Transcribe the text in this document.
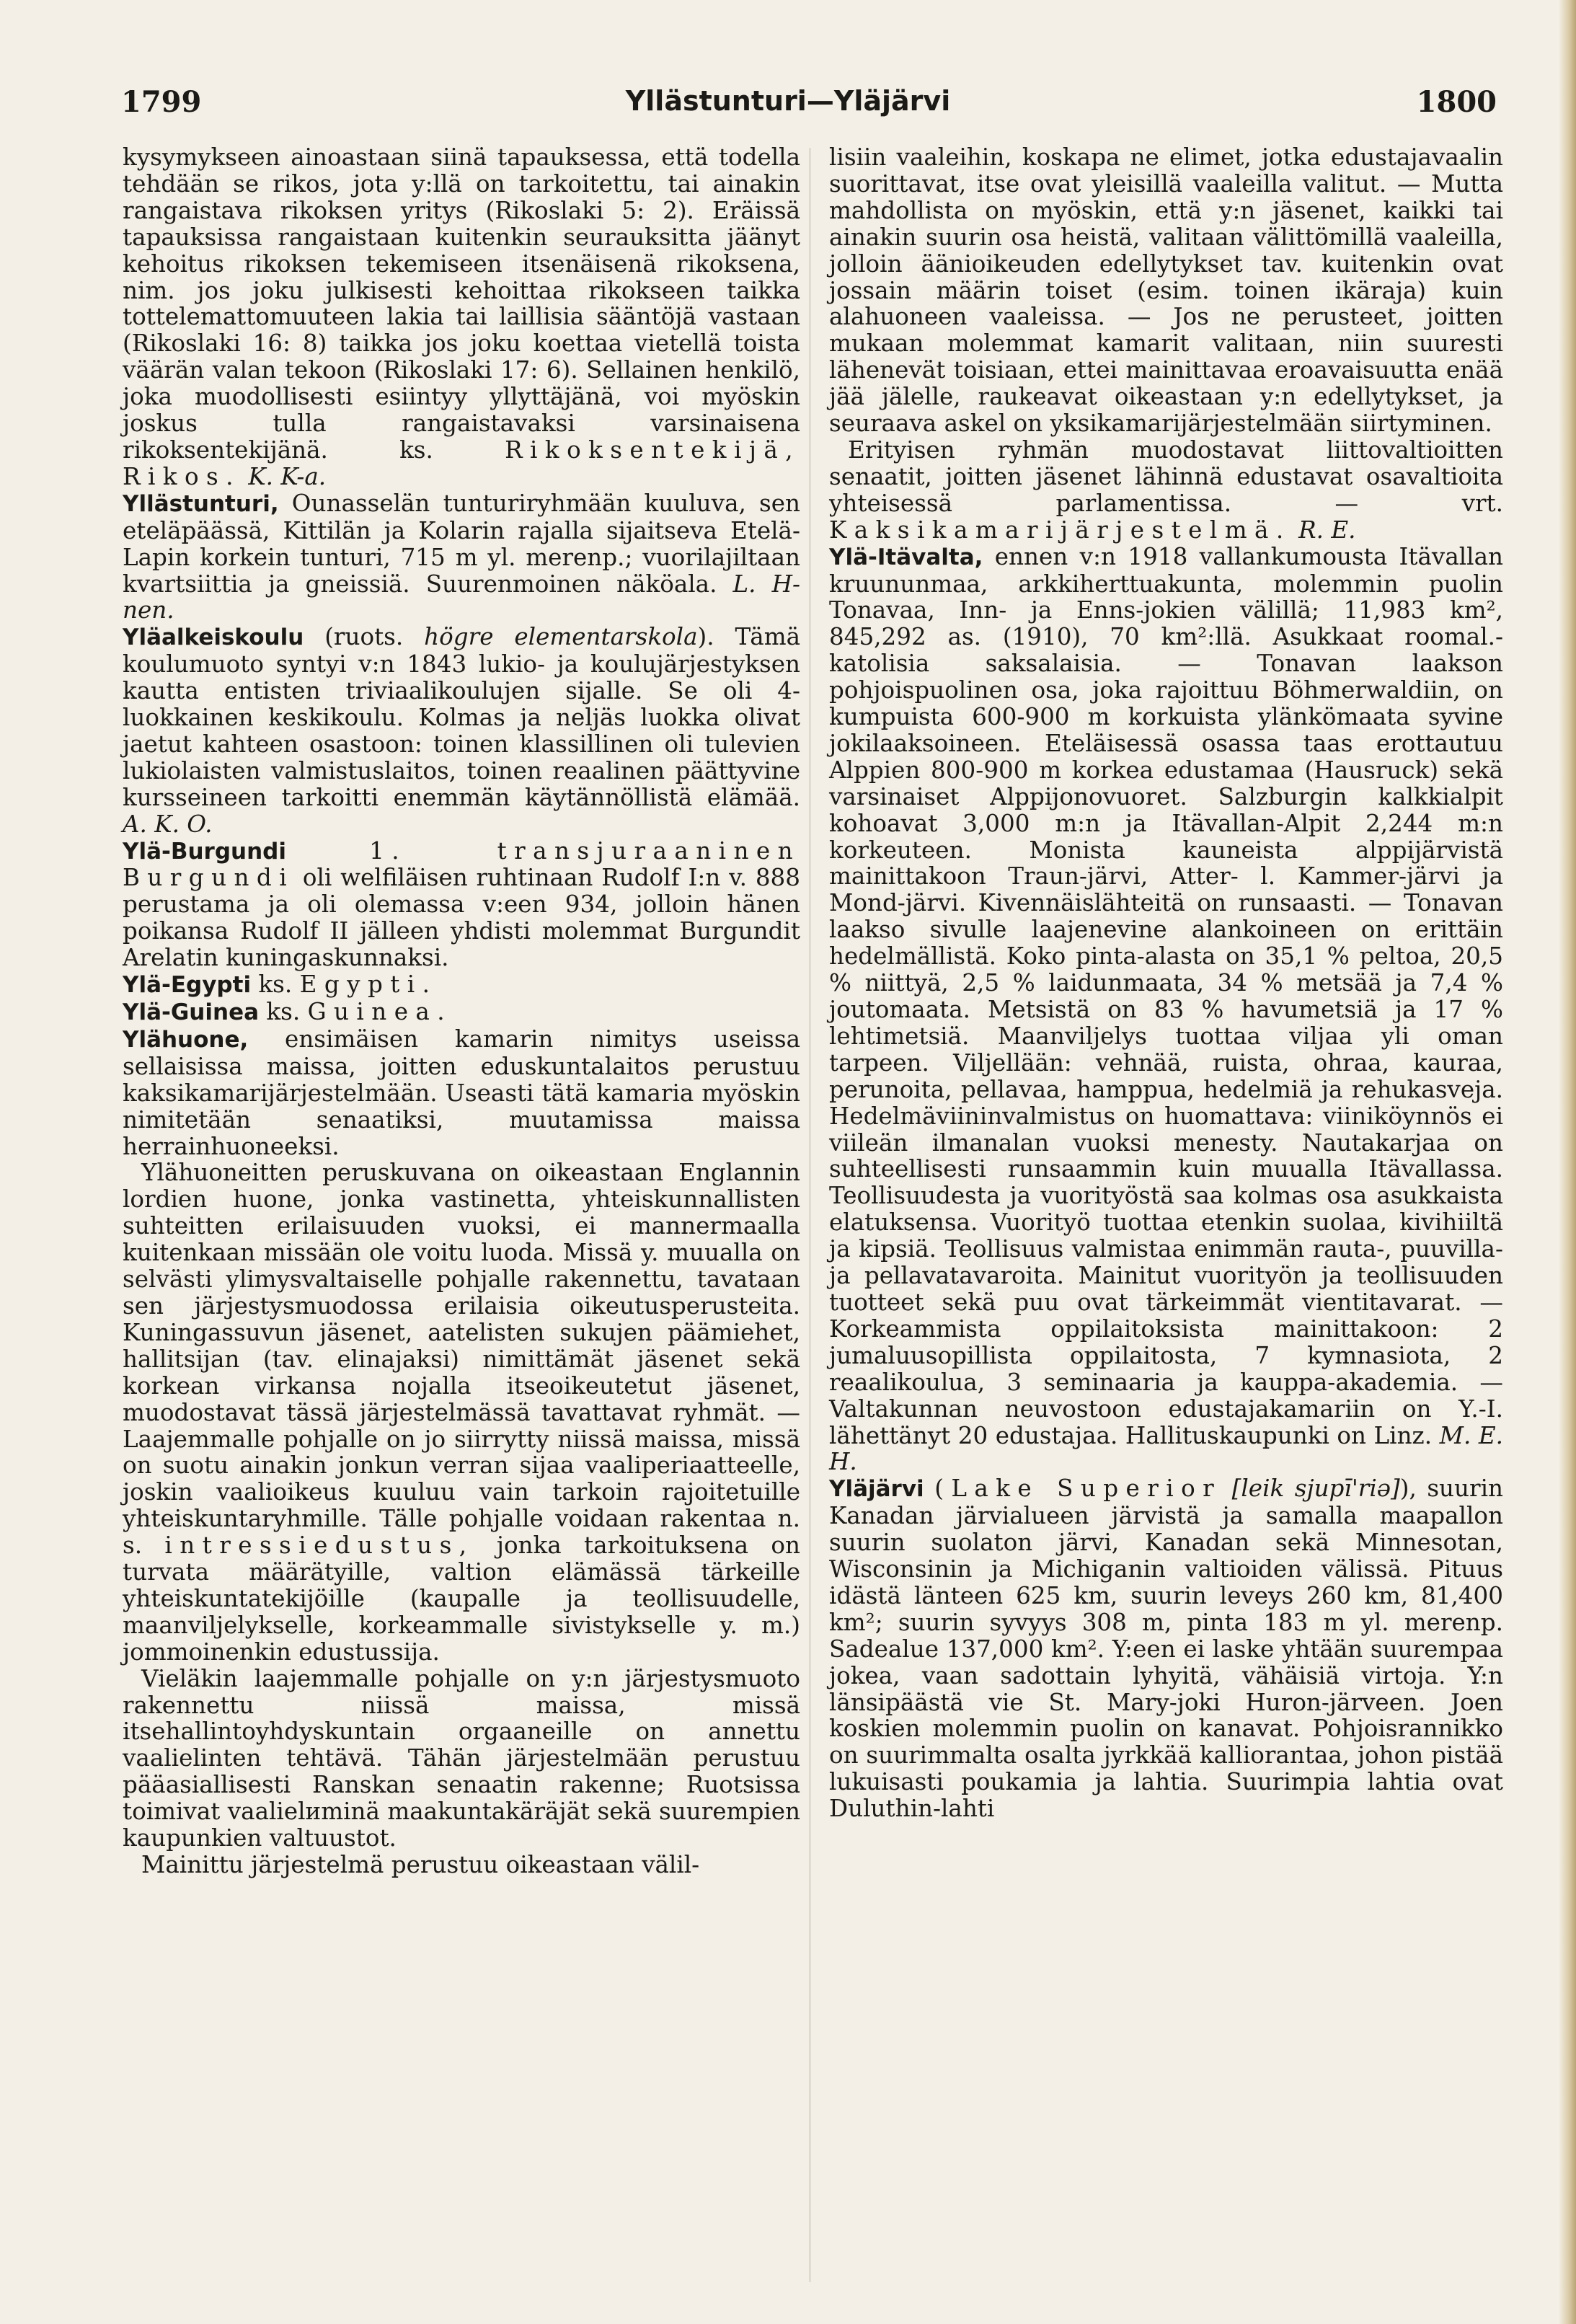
1799	Yllästunturi—Yläjärvi	1800

kysymykseen ainoastaan siinä tapauksessa, että todella tehdään se rikos, jota y:llä on tarkoitettu, tai ainakin rangaistava rikoksen yritys (Rikoslaki 5: 2). Eräissä tapauksissa rangaistaan kuitenkin seurauksitta jäänyt kehoitus rikoksen tekemiseen itsenäisenä rikoksena, nim. jos joku julkisesti kehoittaa rikokseen taikka tottelemattomuuteen lakia tai laillisia sääntöjä vastaan (Rikoslaki 16: 8) taikka jos joku koettaa vietellä toista väärän valan tekoon (Rikoslaki 17: 6). Sellainen henkilö, joka muodollisesti esiintyy yllyttäjänä, voi myöskin joskus tulla rangaistavaksi varsinaisena rikoksentekijänä. ks.	Rikoksentekijä, Rikos. K. K-a.

Yllästunturi, Ounasselän tunturiryhmään kuuluva, sen eteläpäässä, Kittilän ja Kolarin rajalla sijaitseva Etelä-Lapin korkein tunturi, 715 m yl. merenp.; vuorilajiltaan kvartsiittia ja gneissiä. Suurenmoinen näköala. L. H-nen.

Yläalkeiskoulu (ruots. högre elementarskola). Tämä koulumuoto syntyi v:n 1843 lukio- ja koulujärjestyksen kautta entisten triviaalikoulujen sijalle. Se oli 4-luokkainen keskikoulu. Kolmas ja neljäs luokka olivat jaetut kahteen osastoon: toinen klassillinen oli tulevien lukiolaisten valmistuslaitos, toinen reaalinen päättyvine kursseineen tarkoitti enemmän käytännöllistä elämää. A. K. O.

Ylä-Burgundi	1. transjuraaninen Burgundi oli welfiläisen ruhtinaan Rudolf I:n v. 888 perustama ja oli olemassa v:een 934, jolloin hänen poikansa Rudolf II jälleen yhdisti molemmat Burgundit Arelatin kuningaskunnaksi.

Ylä-Egypti ks. Egypti.

Ylä-Guinea ks. Guinea.

Ylähuone, ensimäisen kamarin nimitys useissa sellaisissa maissa, joitten eduskuntalaitos perustuu kaksikamarijärjestelmään. Useasti tätä kamaria myöskin nimitetään senaatiksi, muutamissa maissa herrainhuoneeksi.

Ylähuoneitten peruskuvana on oikeastaan Englannin lordien huone, jonka vastinetta, yhteiskunnallisten suhteitten erilaisuuden vuoksi, ei mannermaalla kuitenkaan missään ole voitu luoda. Missä y. muualla on selvästi ylimysvaltaiselle pohjalle rakennettu, tavataan sen järjestysmuodossa erilaisia oikeutusperusteita. Kuningassuvun jäsenet, aatelisten sukujen päämiehet, hallitsijan (tav. elinajaksi) nimittämät jäsenet sekä korkean virkansa nojalla itseoikeutetut jäsenet, muodostavat tässä järjestelmässä tavattavat ryhmät. — Laajemmalle pohjalle on jo siirrytty niissä maissa, missä on suotu ainakin jonkun verran sijaa vaaliperiaatteelle, joskin vaalioikeus kuuluu vain tarkoin rajoitetuille yhteiskuntaryhmille. Tälle pohjalle voidaan rakentaa n. s. intressiedustus, jonka tarkoituksena on turvata määrätyille, valtion elämässä tärkeille yhteiskuntatekijöille (kaupalle ja teollisuudelle, maanviljelykselle, korkeammalle sivistykselle y. m.) jommoinenkin edustussija.

Vieläkin laajemmalle pohjalle on y:n järjestysmuoto rakennettu niissä maissa, missä itsehallintoyhdyskuntain orgaaneille on annettu vaalielinten tehtävä. Tähän järjestelmään perustuu pääasiallisesti Ranskan senaatin rakenne; Ruotsissa toimivat vaalielиminä maakuntakäräjät sekä suurempien kaupunkien valtuustot.

Mainittu järjestelmä perustuu oikeastaan välil-

lisiin vaaleihin, koskapa ne elimet, jotka edustajavaalin suorittavat, itse ovat yleisillä vaaleilla valitut. — Mutta mahdollista on myöskin, että y:n jäsenet, kaikki tai ainakin suurin osa heistä, valitaan välittömillä vaaleilla, jolloin äänioikeuden edellytykset tav. kuitenkin ovat jossain määrin toiset (esim. toinen ikäraja) kuin alahuoneen vaaleissa. — Jos ne perusteet, joitten mukaan molemmat kamarit valitaan, niin suuresti lähenevät toisiaan, ettei mainittavaa eroavaisuutta enää jää jälelle, raukeavat oikeastaan y:n edellytykset, ja seuraava askel on yksikamarijärjestelmään siirtyminen.

Erityisen ryhmän muodostavat liittovaltioitten senaatit, joitten jäsenet lähinnä edustavat osavaltioita yhteisessä parlamentissa. — vrt. Kaksikamarijärjestelmä. R. E.

Ylä-Itävalta, ennen v:n 1918 vallankumousta Itävallan kruununmaa, arkkiherttuakunta, molemmin puolin Tonavaa, Inn- ja Enns-jokien välillä; 11,983 km², 845,292 as. (1910), 70 km²:llä. Asukkaat roomal.-katolisia saksalaisia. — Tonavan laakson pohjoispuolinen osa, joka rajoittuu Böhmerwaldiin, on kumpuista 600-900 m korkuista ylänkömaata syvine jokilaaksoineen. Eteläisessä osassa taas erottautuu Alppien 800-900 m korkea edustamaa (Hausruck) sekä varsinaiset Alppijonovuoret. Salzburgin kalkkialpit kohoavat 3,000 m:n ja Itävallan-Alpit 2,244 m:n korkeuteen. Monista kauneista alppijärvistä mainittakoon Traun-järvi, Atter- l. Kammer-järvi ja Mond-järvi. Kivennäislähteitä on runsaasti. — Tonavan laakso sivulle laajenevine alankoineen on erittäin hedelmällistä. Koko pinta-alasta on 35,1 % peltoa, 20,5 % niittyä, 2,5 % laidunmaata, 34 % metsää ja 7,4 % joutomaata. Metsistä on 83 % havumetsiä ja 17 % lehtimetsiä. Maanviljelys tuottaa viljaa yli oman tarpeen. Viljellään: vehnää, ruista, ohraa, kauraa, perunoita, pellavaa, hamppua, hedelmiä ja rehukasveja. Hedelmäviininvalmistus on huomattava: viiniköynnös ei viileän ilmanalan vuoksi menesty. Nautakarjaa on suhteellisesti runsaammin kuin muualla Itävallassa. Teollisuudesta ja vuorityöstä saa kolmas osa asukkaista elatuksensa. Vuorityö tuottaa etenkin suolaa, kivihiiltä ja kipsiä. Teollisuus valmistaa enimmän rauta-, puuvilla- ja pellavatavaroita. Mainitut vuorityön ja teollisuuden tuotteet sekä puu ovat tärkeimmät vientitavarat. — Korkeammista oppilaitoksista mainittakoon: 2 jumaluusopillista oppilaitosta, 7 kymnasiota, 2 reaalikoulua, 3 seminaaria ja kauppa-akademia. — Valtakunnan neuvostoon edustajakamariin on Y.-I. lähettänyt 20 edustajaa. Hallituskaupunki on Linz. M. E. H.

Yläjärvi (Lake Superior [leik sjupī'riə]), suurin Kanadan järvialueen järvistä ja samalla maapallon suurin suolaton järvi, Kanadan sekä Minnesotan, Wisconsinin ja Michiganin valtioiden välissä. Pituus idästä länteen 625 km, suurin leveys 260 km, 81,400 km²; suurin syvyys 308 m, pinta 183 m yl. merenp. Sadealue 137,000 km². Y:een ei laske yhtään suurempaa jokea, vaan sadottain lyhyitä, vähäisiä virtoja. Y:n länsipäästä vie St. Mary-joki Huron-järveen. Joen koskien molemmin puolin on kanavat. Pohjoisrannikko on suurimmalta osalta jyrkkää kalliorantaa, johon pistää lukuisasti poukamia ja lahtia. Suurimpia lahtia ovat Duluthin-lahti
